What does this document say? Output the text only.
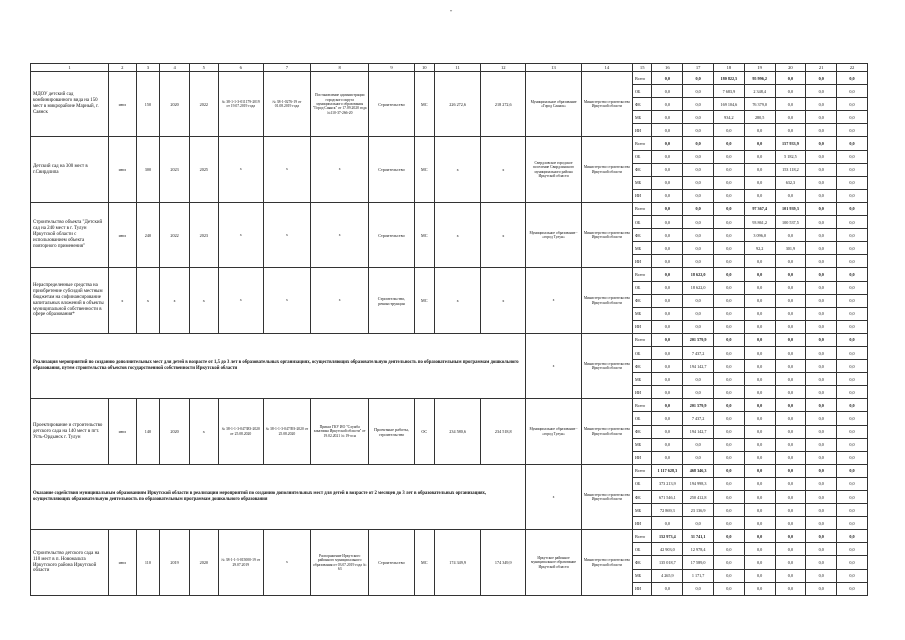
"
1	2	3	4	5	6	7	8	9	10	11	12	13	14	15	16	17	18	19	20	21	22
МДОУ детский сад комбинированного вида на 150 мест в микрорайоне Марный, г. Саянск	июл	150	2020	2022	№ 38-1-1-3-011179-2019 от 19.07.2019 года	№ 38-1-0276-19 от 01.08.2019 года	Постановление администрации городского округа муниципального образования "Город Саянск" от 17.09.2020 года №110-37-266-20	Строительство	МС	226 272,6	218 272,6	Муниципальное образование «Город Саянск»	Министерство строительства Иркутской области	Всего	0,0	0,0	180 822,5	95 996,2	0,0	0,0	0,0
														ОБ	0,0	0,0	7 683,9	2 348,4	0,0	0,0	0,0
														ФБ	0,0	0,0	169 104,6	76 379,0	0,0	0,0	0,0
														МБ	0,0	0,0	934,2	280,5	0,0	0,0	0,0
														ИИ	0,0	0,0	0,0	0,0	0,0	0,0	0,0
Детский сад на 300 мест в г.Свирдлипа	июл	300	2023	2025	х	х	х	Строительство	МС	х	х	Свердловское городское поселение Свирдлинского муниципального района Иркутской области	Министерство строительства Иркутской области	Всего	0,0	0,0	0,0	0,0	157 933,9	0,0	0,0
														ОБ	0,0	0,0	0,0	0,0	5 182,5	0,0	0,0
														ФБ	0,0	0,0	0,0	0,0	153 118,2	0,0	0,0
														МБ	0,0	0,0	0,0	0,0	632,3	0,0	0,0
														ИИ	0,0	0,0	0,0	0,0	0,0	0,0	0,0
Строительство объекта "Детский сад на 240 мест в г. Тулун Иркутской области с использованием объекта повторного применения"	июл	240	2022	2023	х	х	х	Строительство	МС	х	х	Муниципальное образование - «город Тулун»	Министерство строительства Иркутской области	Всего	0,0	0,0	0,0	97 367,4	101 939,3	0,0	0,0
														ОБ	0,0	0,0	0,0	93 861,2	100 537,5	0,0	0,0
														ФБ	0,0	0,0	0,0	3 096,0	0,0	0,0	0,0
														МБ	0,0	0,0	0,0	92,2	301,9	0,0	0,0
														ИИ	0,0	0,0	0,0	0,0	0,0	0,0	0,0
Нераспределенные средства на приобретение субсидий местным бюджетам на софинансирование капитальных вложений в объекты муниципальной собственности в сфере образования*	х	х	х	х	х	х	х	Строительство, реконструкция	МС	х	х	х	Министерство строительства Иркутской области	Всего	0,0	18 622,0	0,0	0,0	0,0	0,0	0,0
														ОБ	0,0	18 622,0	0,0	0,0	0,0	0,0	0,0
														ФБ	0,0	0,0	0,0	0,0	0,0	0,0	0,0
														МБ	0,0	0,0	0,0	0,0	0,0	0,0	0,0
														ИИ	0,0	0,0	0,0	0,0	0,0	0,0	0,0
Реализация мероприятий по созданию дополнительных мест для детей в возрасте от 1,5 до 3 лет в образовательных организациях, осуществляющих образовательную деятельность по образовательным программам дошкольного образования, путем строительства объектов государственной собственности Иркутской области												х	Министерство строительства Иркутской области	Всего	0,0	201 579,9	0,0	0,0	0,0	0,0	0,0
														ОБ	0,0	7 437,2	0,0	0,0	0,0	0,0	0,0
														ФБ	0,0	194 142,7	0,0	0,0	0,0	0,0	0,0
														МБ	0,0	0,0	0,0	0,0	0,0	0,0	0,0
														ИИ	0,0	0,0	0,0	0,0	0,0	0,0	0,0
Проектирование и строительство детского сада на 140 мест в пгт. Усть-Ордынск г. Тулун	июл	140	2020	х	№ 38-1-1-3-047383-2020 от 25.08.2020	№ 38-1-1-3-047393-2020 от 25.08.2020	Приказ ГКУ ИО "Служба заказчика Иркутской области" от 19.02.2021 № 19-осн	Проектные работы, строительство	ОС	234 580,6	234 518,8	Муниципальное образование - «город Тулун»	Министерство строительства Иркутской области	Всего	0,0	201 579,9	0,0	0,0	0,0	0,0	0,0
														ОБ	0,0	7 437,2	0,0	0,0	0,0	0,0	0,0
														ФБ	0,0	194 142,7	0,0	0,0	0,0	0,0	0,0
														МБ	0,0	0,0	0,0	0,0	0,0	0,0	0,0
														ИИ	0,0	0,0	0,0	0,0	0,0	0,0	0,0
Оказание содействия муниципальным образованиям Иркутской области в реализации мероприятий по созданию дополнительных мест для детей в возрасте от 2 месяцев до 3 лет в образовательных организациях, осуществляющих образовательную деятельность по образовательным программам дошкольного образования												х	Министерство строительства Иркутской области	Всего	1 117 628,3	468 346,3	0,0	0,0	0,0	0,0	0,0
														ОБ	373 213,9	194 998,3	0,0	0,0	0,0	0,0	0,0
														ФБ	671 546,1	250 412,8	0,0	0,0	0,0	0,0	0,0
														МБ	72 869,3	23 136,9	0,0	0,0	0,0	0,0	0,0
														ИИ	0,0	0,0	0,0	0,0	0,0	0,0	0,0
Строительство детского сада на 110 мест в п. Новомальта Иркутского района Иркутской области	июл	110	2019	2020	№ 38-1-1-3-015000-19 от 29.07.2019	х	Распоряжение Иркутского районного муниципального образования от 03.07.2019 года № 63	Строительство	МС	174 349,9	174 349,9	Иркутское районное муниципальное образование Иркутской области	Министерство строительства Иркутской области	Всего	152 973,4	31 741,1	0,0	0,0	0,0	0,0	0,0
														ОБ	42 903,0	12 978,4	0,0	0,0	0,0	0,0	0,0
														ФБ	135 018,7	17 589,0	0,0	0,0	0,0	0,0	0,0
														МБ	4 265,9	1 171,7	0,0	0,0	0,0	0,0	0,0
														ИИ	0,0	0,0	0,0	0,0	0,0	0,0	0,0
